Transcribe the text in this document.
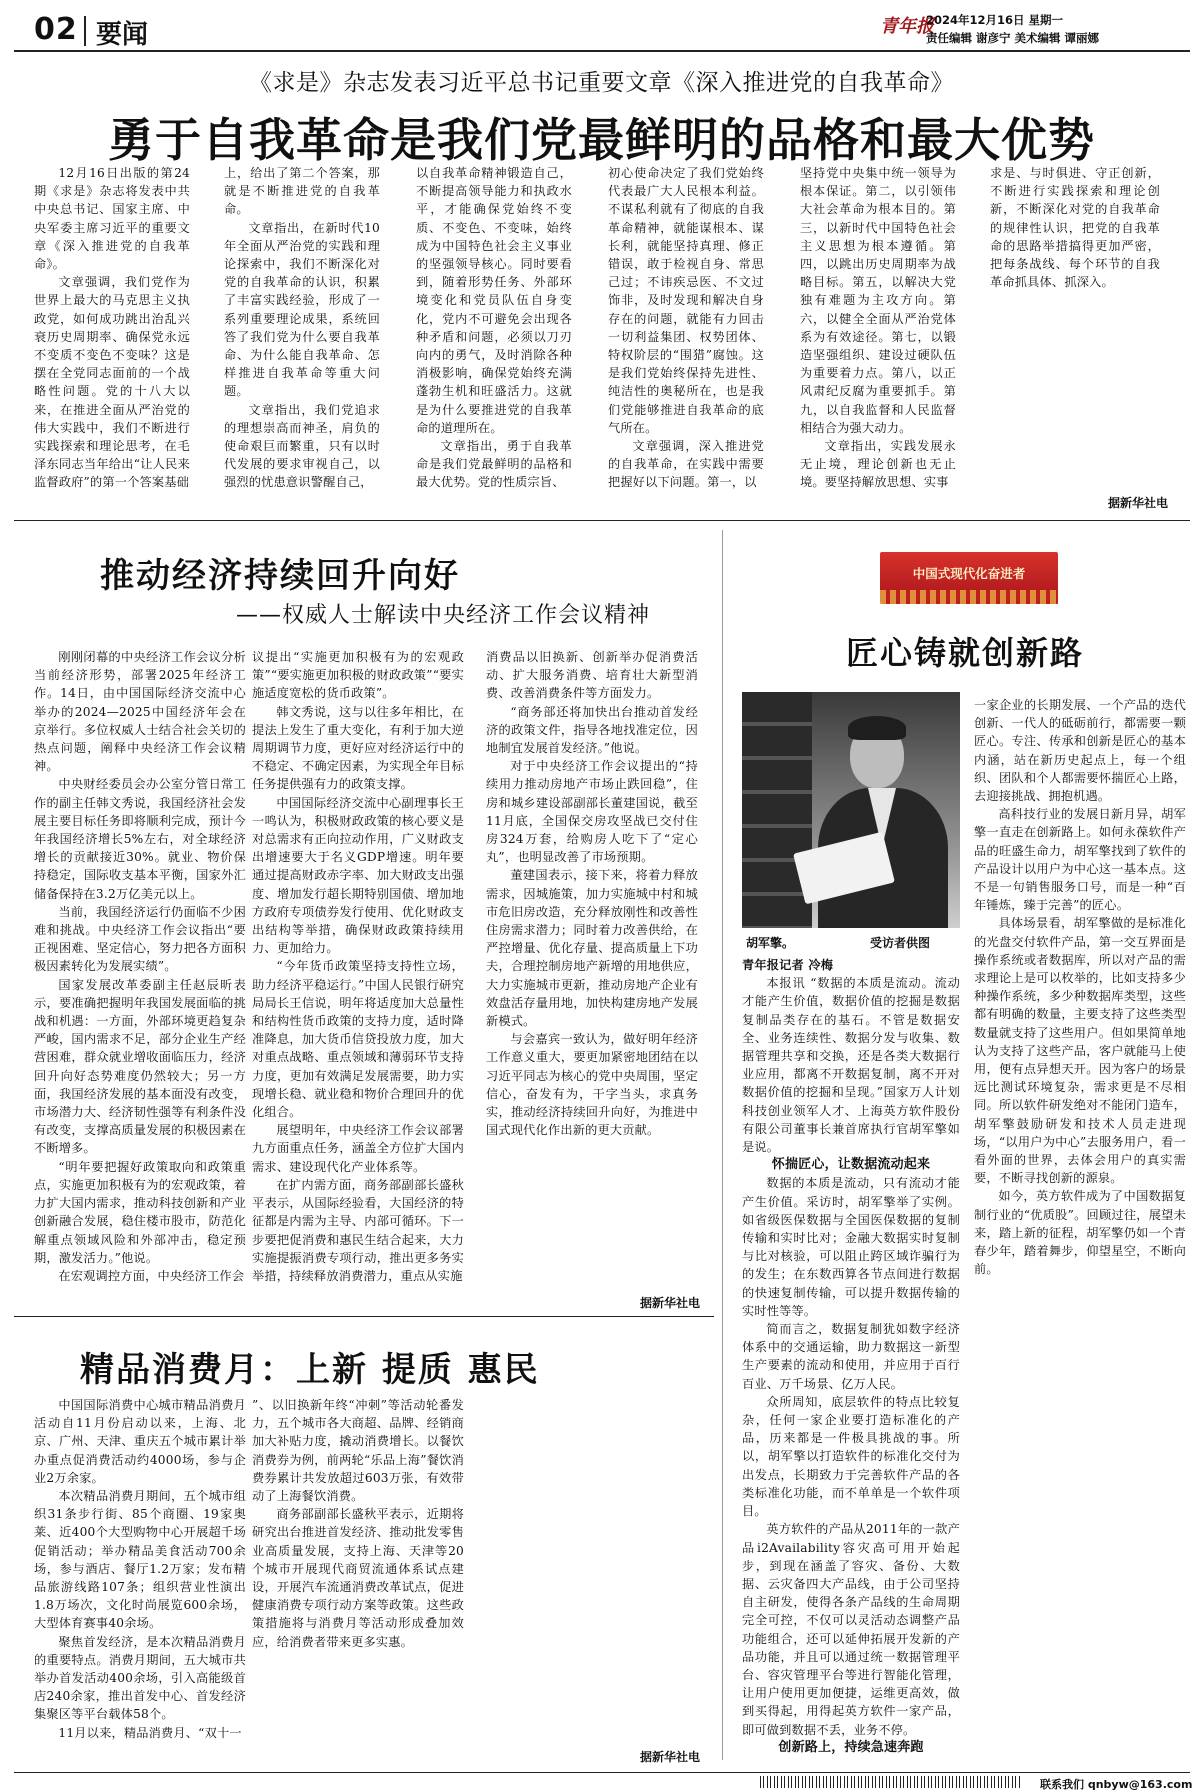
02 要闻	青年报
2024年12月16日 星期一
责任编辑 谢彦宁 美术编辑 谭丽娜
《求是》杂志发表习近平总书记重要文章《深入推进党的自我革命》
勇于自我革命是我们党最鲜明的品格和最大优势

12月16日出版的第24期《求是》杂志将发表中共中央总书记、国家主席、中央军委主席习近平的重要文章《深入推进党的自我革命》。

文章强调，我们党作为世界上最大的马克思主义执政党，如何成功跳出治乱兴衰历史周期率、确保党永远不变质不变色不变味？这是摆在全党同志面前的一个战略性问题。党的十八大以来，在推进全面从严治党的伟大实践中，我们不断进行实践探索和理论思考，在毛泽东同志当年给出“让人民来监督政府”的第一个答案基础

上，给出了第二个答案，那就是不断推进党的自我革命。

文章指出，在新时代10年全面从严治党的实践和理论探索中，我们不断深化对党的自我革命的认识，积累了丰富实践经验，形成了一系列重要理论成果，系统回答了我们党为什么要自我革命、为什么能自我革命、怎样推进自我革命等重大问题。

文章指出，我们党追求的理想崇高而神圣，肩负的使命艰巨而繁重，只有以时代发展的要求审视自己，以强烈的忧患意识警醒自己，

以自我革命精神锻造自己，不断提高领导能力和执政水平，才能确保党始终不变质、不变色、不变味，始终成为中国特色社会主义事业的坚强领导核心。同时要看到，随着形势任务、外部环境变化和党员队伍自身变化，党内不可避免会出现各种矛盾和问题，必须以刀刃向内的勇气，及时消除各种消极影响，确保党始终充满蓬勃生机和旺盛活力。这就是为什么要推进党的自我革命的道理所在。

文章指出，勇于自我革命是我们党最鲜明的品格和最大优势。党的性质宗旨、

初心使命决定了我们党始终代表最广大人民根本利益。不谋私利就有了彻底的自我革命精神，就能谋根本、谋长利，就能坚持真理、修正错误，敢于检视自身、常思己过；不讳疾忌医、不文过饰非，及时发现和解决自身存在的问题，就能有力回击一切利益集团、权势团体、特权阶层的“围猎”腐蚀。这是我们党始终保持先进性、纯洁性的奥秘所在，也是我们党能够推进自我革命的底气所在。

文章强调，深入推进党的自我革命，在实践中需要把握好以下问题。第一，以

坚持党中央集中统一领导为根本保证。第二，以引领伟大社会革命为根本目的。第三，以新时代中国特色社会主义思想为根本遵循。第四，以跳出历史周期率为战略目标。第五，以解决大党独有难题为主攻方向。第六，以健全全面从严治党体系为有效途径。第七，以锻造坚强组织、建设过硬队伍为重要着力点。第八，以正风肃纪反腐为重要抓手。第九，以自我监督和人民监督相结合为强大动力。

文章指出，实践发展永无止境，理论创新也无止境。要坚持解放思想、实事

求是、与时俱进、守正创新，不断进行实践探索和理论创新，不断深化对党的自我革命的规律性认识，把党的自我革命的思路举措搞得更加严密，把每条战线、每个环节的自我革命抓具体、抓深入。

据新华社电
推动经济持续回升向好
——权威人士解读中央经济工作会议精神

刚刚闭幕的中央经济工作会议分析当前经济形势，部署2025年经济工作。14日，由中国国际经济交流中心举办的2024—2025中国经济年会在京举行。多位权威人士结合社会关切的热点问题，阐释中央经济工作会议精神。

中央财经委员会办公室分管日常工作的副主任韩文秀说，我国经济社会发展主要目标任务即将顺利完成，预计今年我国经济增长5%左右，对全球经济增长的贡献接近30%。就业、物价保持稳定，国际收支基本平衡，国家外汇储备保持在3.2万亿美元以上。

当前，我国经济运行仍面临不少困难和挑战。中央经济工作会议指出“要正视困难、坚定信心，努力把各方面积极因素转化为发展实绩”。

国家发展改革委副主任赵辰昕表示，要准确把握明年我国发展面临的挑战和机遇：一方面，外部环境更趋复杂严峻，国内需求不足，部分企业生产经营困难，群众就业增收面临压力，经济回升向好态势难度仍然较大；另一方面，我国经济发展的基本面没有改变，市场潜力大、经济韧性强等有利条件没有改变，支撑高质量发展的积极因素在不断增多。

“明年要把握好政策取向和政策重点，实施更加积极有为的宏观政策，着力扩大国内需求，推动科技创新和产业创新融合发展，稳住楼市股市，防范化解重点领域风险和外部冲击，稳定预期，激发活力。”他说。

在宏观调控方面，中央经济工作会

议提出“实施更加积极有为的宏观政策”“要实施更加积极的财政政策”“要实施适度宽松的货币政策”。

韩文秀说，这与以往多年相比，在提法上发生了重大变化，有利于加大逆周期调节力度，更好应对经济运行中的不稳定、不确定因素，为实现全年目标任务提供强有力的政策支撑。

中国国际经济交流中心副理事长王一鸣认为，积极财政政策的核心要义是对总需求有正向拉动作用，广义财政支出增速要大于名义GDP增速。明年要通过提高财政赤字率、加大财政支出强度、增加发行超长期特别国债、增加地方政府专项债券发行使用、优化财政支出结构等举措，确保财政政策持续用力、更加给力。

“今年货币政策坚持支持性立场，助力经济平稳运行。”中国人民银行研究局局长王信说，明年将适度加大总量性和结构性货币政策的支持力度，适时降准降息，加大货币信贷投放力度，加大对重点战略、重点领域和薄弱环节支持力度，更加有效满足发展需要，助力实现增长稳、就业稳和物价合理回升的优化组合。

展望明年，中央经济工作会议部署九方面重点任务，涵盖全方位扩大国内需求、建设现代化产业体系等。

在扩内需方面，商务部副部长盛秋平表示，从国际经验看，大国经济的特征都是内需为主导、内部可循环。下一步要把促消费和惠民生结合起来，大力实施提振消费专项行动，推出更多务实举措，持续释放消费潜力，重点从实施

消费品以旧换新、创新举办促消费活动、扩大服务消费、培育壮大新型消费、改善消费条件等方面发力。

“商务部还将加快出台推动首发经济的政策文件，指导各地找准定位，因地制宜发展首发经济。”他说。

对于中央经济工作会议提出的“持续用力推动房地产市场止跌回稳”，住房和城乡建设部副部长董建国说，截至11月底，全国保交房攻坚战已交付住房324万套，给购房人吃下了“定心丸”，也明显改善了市场预期。

董建国表示，接下来，将着力释放需求，因城施策，加力实施城中村和城市危旧房改造，充分释放刚性和改善性住房需求潜力；同时着力改善供给，在严控增量、优化存量、提高质量上下功夫，合理控制房地产新增的用地供应，大力实施城市更新，推动房地产企业有效盘活存量用地，加快构建房地产发展新模式。

与会嘉宾一致认为，做好明年经济工作意义重大，要更加紧密地团结在以习近平同志为核心的党中央周围，坚定信心，奋发有为，干字当头，求真务实，推动经济持续回升向好，为推进中国式现代化作出新的更大贡献。

据新华社电
精品消费月：上新 提质 惠民

中国国际消费中心城市精品消费月活动自11月份启动以来，上海、北京、广州、天津、重庆五个城市累计举办重点促消费活动约4000场，参与企业2万余家。

本次精品消费月期间，五个城市组织31条步行街、85个商圈、19家奥莱、近400个大型购物中心开展超千场促销活动；举办精品美食活动700余场，参与酒店、餐厅1.2万家；发布精品旅游线路107条；组织营业性演出1.8万场次，文化时尚展览600余场，大型体育赛事40余场。

聚焦首发经济，是本次精品消费月的重要特点。消费月期间，五大城市共举办首发活动400余场，引入高能级首店240余家，推出首发中心、首发经济集聚区等平台载体58个。

11月以来，精品消费月、“双十一

”、以旧换新年终“冲刺”等活动轮番发力，五个城市各大商超、品牌、经销商加大补贴力度，撬动消费增长。以餐饮消费券为例，前两轮“乐品上海”餐饮消费券累计共发放超过603万张，有效带动了上海餐饮消费。

商务部副部长盛秋平表示，近期将研究出台推进首发经济、推动批发零售业高质量发展，支持上海、天津等20个城市开展现代商贸流通体系试点建设，开展汽车流通消费改革试点，促进健康消费专项行动方案等政策。这些政策措施将与消费月等活动形成叠加效应，给消费者带来更多实惠。

据新华社电
中国式现代化奋进者
匠心铸就创新路
胡军擎。	受访者供图

青年报记者 冷梅

本报讯 “数据的本质是流动。流动才能产生价值，数据价值的挖掘是数据复制品类存在的基石。不管是数据安全、业务连续性、数据分发与收集、数据管理共享和交换，还是各类大数据行业应用，都离不开数据复制，离不开对数据价值的挖掘和呈现。”国家万人计划科技创业领军人才、上海英方软件股份有限公司董事长兼首席执行官胡军擎如是说。

怀揣匠心，让数据流动起来

数据的本质是流动，只有流动才能产生价值。采访时，胡军擎举了实例。如省级医保数据与全国医保数据的复制传输和实时比对；金融大数据实时复制与比对核验，可以阻止跨区域诈骗行为的发生；在东数西算各节点间进行数据的快速复制传输，可以提升数据传输的实时性等等。

简而言之，数据复制犹如数字经济体系中的交通运输，助力数据这一新型生产要素的流动和使用，并应用于百行百业、万千场景、亿万人民。

众所周知，底层软件的特点比较复杂，任何一家企业要打造标准化的产品，历来都是一件极具挑战的事。所以，胡军擎以打造软件的标准化交付为出发点，长期致力于完善软件产品的各类标准化功能，而不单单是一个软件项目。

英方软件的产品从2011年的一款产品i2Availability容灾高可用开始起步，到现在涵盖了容灾、备份、大数据、云灾备四大产品线，由于公司坚持自主研发，使得各条产品线的生命周期完全可控，不仅可以灵活动态调整产品功能组合，还可以延伸拓展开发新的产品功能，并且可以通过统一数据管理平台、容灾管理平台等进行智能化管理，让用户使用更加便捷，运维更高效，做到买得起，用得起英方软件一家产品，即可做到数据不丢，业务不停。

创新路上，持续急速奔跑

一家企业的长期发展、一个产品的迭代创新、一代人的砥砺前行，都需要一颗匠心。专注、传承和创新是匠心的基本内涵，站在新历史起点上，每一个组织、团队和个人都需要怀揣匠心上路，去迎接挑战、拥抱机遇。

高科技行业的发展日新月异，胡军擎一直走在创新路上。如何永葆软件产品的旺盛生命力，胡军擎找到了软件的产品设计以用户为中心这一基本点。这不是一句销售服务口号，而是一种“百年锤炼，臻于完善”的匠心。

具体场景看，胡军擎做的是标准化的光盘交付软件产品，第一交互界面是操作系统或者数据库，所以对产品的需求理论上是可以枚举的，比如支持多少种操作系统，多少种数据库类型，这些都有明确的数量，主要支持了这些类型数量就支持了这些用户。但如果简单地认为支持了这些产品，客户就能马上使用，便有点异想天开。因为客户的场景远比测试环境复杂，需求更是不尽相同。所以软件研发绝对不能闭门造车，胡军擎鼓励研发和技术人员走进现场，“以用户为中心”去服务用户，看一看外面的世界，去体会用户的真实需要，不断寻找创新的源泉。

如今，英方软件成为了中国数据复制行业的“优质股”。回顾过往，展望未来，踏上新的征程，胡军擎仍如一个青春少年，踏着舞步，仰望星空，不断向前。

联系我们 qnbyw@163.com
